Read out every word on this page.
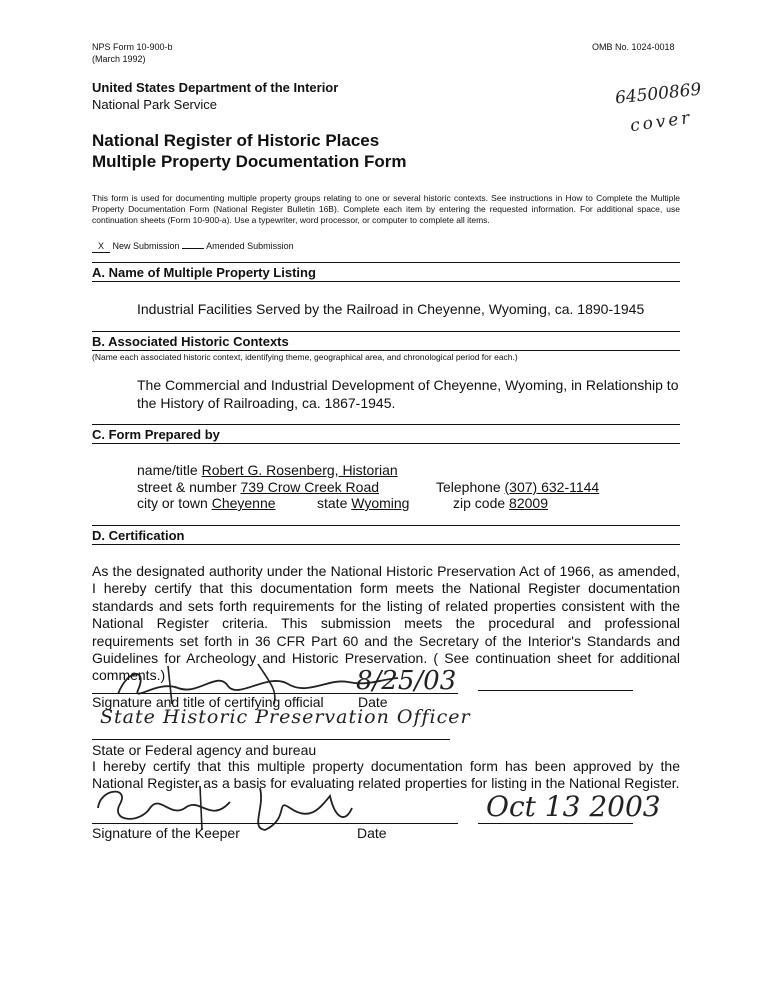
NPS Form 10-900-b
(March 1992)
OMB No. 1024-0018
United States Department of the Interior
National Park Service
National Register of Historic Places
Multiple Property Documentation Form
64500869
cover
This form is used for documenting multiple property groups relating to one or several historic contexts. See instructions in How to Complete the Multiple Property Documentation Form (National Register Bulletin 16B). Complete each item by entering the requested information. For additional space, use continuation sheets (Form 10-900-a). Use a typewriter, word processor, or computer to complete all items.
X New Submission	Amended Submission
A. Name of Multiple Property Listing
Industrial Facilities Served by the Railroad in Cheyenne, Wyoming, ca. 1890-1945
B. Associated Historic Contexts
(Name each associated historic context, identifying theme, geographical area, and chronological period for each.)
The Commercial and Industrial Development of Cheyenne, Wyoming, in Relationship to
the History of Railroading, ca. 1867-1945.
C. Form Prepared by
name/title Robert G. Rosenberg, Historian
street & number 739 Crow Creek Road	Telephone (307) 632-1144
city or town Cheyenne	state Wyoming	zip code 82009
D. Certification
As the designated authority under the National Historic Preservation Act of 1966, as amended, I hereby certify that this documentation form meets the National Register documentation standards and sets forth requirements for the listing of related properties consistent with the National Register criteria. This submission meets the procedural and professional requirements set forth in 36 CFR Part 60 and the Secretary of the Interior's Standards and Guidelines for Archeology and Historic Preservation. ( See continuation sheet for additional comments.)	8/25/03
Signature and title of certifying official Date
State Historic Preservation Officer
State or Federal agency and bureau
I hereby certify that this multiple property documentation form has been approved by the National Register as a basis for evaluating related properties for listing in the National Register.
Oct 13 2003
Signature of the Keeper	Date
